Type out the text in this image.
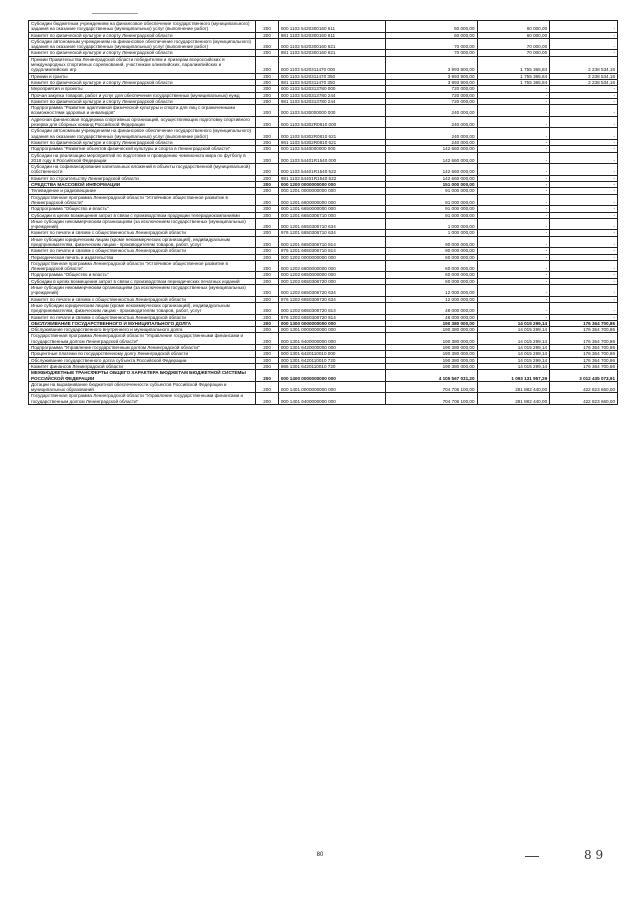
Субсидии бюджетным учреждениям на финансовое обеспечение государственного (муниципального) задания на оказание государственных (муниципальных) услуг (выполнение работ)	200	000 1103 5420300160 611	60 000,00	60 000,00	-
Комитет по физической культуре и спорту Ленинградской области	200	981 1103 5420300160 611	60 000,00	60 000,00	-
Субсидии автономным учреждениям на финансовое обеспечение государственного (муниципального) задания на оказание государственных (муниципальных) услуг (выполнение работ)	200	000 1103 5420300160 621	70 000,00	70 000,00	-
Комитет по физической культуре и спорту Ленинградской области	200	981 1103 5420300160 621	70 000,00	70 000,00	-
Премии Правительства Ленинградской области победителям и призерам всероссийских и международных спортивных соревнований, участникам олимпийских, паралимпийских и сурдолимпийских игр	200	000 1103 5420311470 000	3 993 900,00	1 755 365,84	2 238 534,16
Премии и гранты	200	000 1103 5420311470 350	3 993 900,00	1 755 365,84	2 238 534,16
Комитет по физической культуре и спорту Ленинградской области	200	981 1103 5420311470 350	3 993 900,00	1 755 365,84	2 238 534,16
Мероприятия и проекты	200	000 1103 5420313780 000	720 000,00	-	-
Прочая закупка товаров, работ и услуг для обеспечения государственных (муниципальных) нужд	200	000 1103 5420313780 244	720 000,00	-	-
Комитет по физической культуре и спорту Ленинградской области	200	981 1103 5420313780 244	720 000,00	-	-
Подпрограмма "Развитие адаптивной физической культуры и спорта для лиц с ограниченными возможностями здоровья и инвалидов"	200	000 1103 5430000000 000	240 000,00	-	-
Адресная финансовая поддержка спортивных организаций, осуществляющих подготовку спортивного резерва для сборных команд Российской Федерации	200	000 1103 54302R0810 000	240 000,00	-	-
Субсидии автономным учреждениям на финансовое обеспечение государственного (муниципального) задания на оказание государственных (муниципальных) услуг (выполнение работ)	200	000 1103 54302R0810 621	240 000,00	-	-
Комитет по физической культуре и спорту Ленинградской области	200	981 1103 54302R0810 621	240 000,00	-	-
Подпрограмма "Развитие объектов физической культуры и спорта в Ленинградской области"	200	000 1103 5440000000 000	142 660 000,00	-	-
Субсидии на реализацию мероприятий по подготовке и проведению чемпионата мира по футболу в 2018 году в Российской Федерации	200	000 1103 54401R1540 000	142 660 000,00	-	-
Субсидии на софинансирование капитальных вложений в объекты государственной (муниципальной) собственности	200	000 1103 54401R1540 522	142 660 000,00	-	-
Комитет по строительству Ленинградской области	200	981 1103 54401R1540 522	142 660 000,00	-	-
СРЕДСТВА МАССОВОЙ ИНФОРМАЦИИ	200	000 1200 0000000000 000	151 000 000,00	-	-
Телевидение и радиовещание	200	000 1201 0000000000 000	91 000 000,00	-	-
Государственная программа Ленинградской области "Устойчивое общественное развитие в Ленинградской области"	200	000 1201 6600000000 000	91 000 000,00	-	-
Подпрограмма "Общество и власть"	200	000 1201 6650000000 000	91 000 000,00	-	-
Субсидии в целях возмещения затрат в связи с производством продукции телерадиокомпаниями	200	000 1201 6650306710 000	91 000 000,00	-	-
Иные субсидии некоммерческим организациям (за исключением государственных (муниципальных) учреждений)	200	000 1201 6650306710 634	1 000 000,00	-	-
Комитет по печати и связям с общественностью Ленинградской области	200	976 1201 6650306710 634	1 000 000,00	-	-
Иные субсидии юридическим лицам (кроме некоммерческих организаций), индивидуальным предпринимателям, физическим лицам - производителям товаров, работ, услуг	200	000 1201 6650306710 814	90 000 000,00	-	-
Комитет по печати и связям с общественностью Ленинградской области	200	976 1201 6650306710 814	90 000 000,00	-	-
Периодическая печать и издательства	200	000 1202 0000000000 000	60 000 000,00	-	-
Государственная программа Ленинградской области "Устойчивое общественное развитие в Ленинградской области"	200	000 1202 6600000000 000	60 000 000,00	-	-
Подпрограмма "Общество и власть"	200	000 1202 6650000000 000	60 000 000,00	-	-
Субсидии в целях возмещения затрат в связи с производством периодических печатных изданий	200	000 1202 6650306720 000	60 000 000,00	-	-
Иные субсидии некоммерческим организациям (за исключением государственных (муниципальных) учреждений)	200	000 1202 6650306720 634	12 000 000,00	-	-
Комитет по печати и связям с общественностью Ленинградской области	200	976 1202 6650306720 634	12 000 000,00	-	-
Иные субсидии юридическим лицам (кроме некоммерческих организаций), индивидуальным предпринимателям, физическим лицам - производителям товаров, работ, услуг	200	000 1202 6650306720 814	48 000 000,00	-	-
Комитет по печати и связям с общественностью Ленинградской области	200	976 1202 6650306720 814	48 000 000,00	-	-
ОБСЛУЖИВАНИЕ ГОСУДАРСТВЕННОГО И МУНИЦИПАЛЬНОГО ДОЛГА	200	000 1300 0000000000 000	190 380 000,00	14 015 299,14	176 364 700,86
Обслуживание государственного внутреннего и муниципального долга	200	000 1301 0000000000 000	190 380 000,00	14 015 299,14	176 364 700,86
Государственная программа Ленинградской области "Управление государственными финансами и государственным долгом Ленинградской области"	200	000 1301 6400000000 000	190 380 000,00	14 015 299,14	176 364 700,86
Подпрограмма "Управление государственным долгом Ленинградской области"	200	000 1301 6420000000 000	190 380 000,00	14 015 299,14	176 364 700,86
Процентные платежи по государственному долгу Ленинградской области	200	000 1301 6420110010 000	190 380 000,00	14 015 299,14	176 364 700,86
Обслуживание государственного долга субъекта Российской Федерации	200	000 1301 6420110010 720	190 380 000,00	14 015 299,14	176 364 700,86
Комитет финансов Ленинградской области	200	985 1301 6420110010 720	190 380 000,00	14 015 299,14	176 364 700,86
МЕЖБЮДЖЕТНЫЕ ТРАНСФЕРТЫ ОБЩЕГО ХАРАКТЕРА БЮДЖЕТАМ БЮДЖЕТНОЙ СИСТЕМЫ РОССИЙСКОЙ ФЕДЕРАЦИИ	200	000 1400 0000000000 000	4 105 567 031,20	1 093 131 957,29	3 012 435 073,91
Дотации на выравнивание бюджетной обеспеченности субъектов Российской Федерации и муниципальных образований	200	000 1401 0000000000 000	704 706 100,00	281 882 440,00	422 823 660,00
Государственная программа Ленинградской области "Управление государственными финансами и государственным долгом Ленинградской области"	200	000 1401 6400000000 000	704 706 100,00	281 882 440,00	422 823 660,00
80	8 9
